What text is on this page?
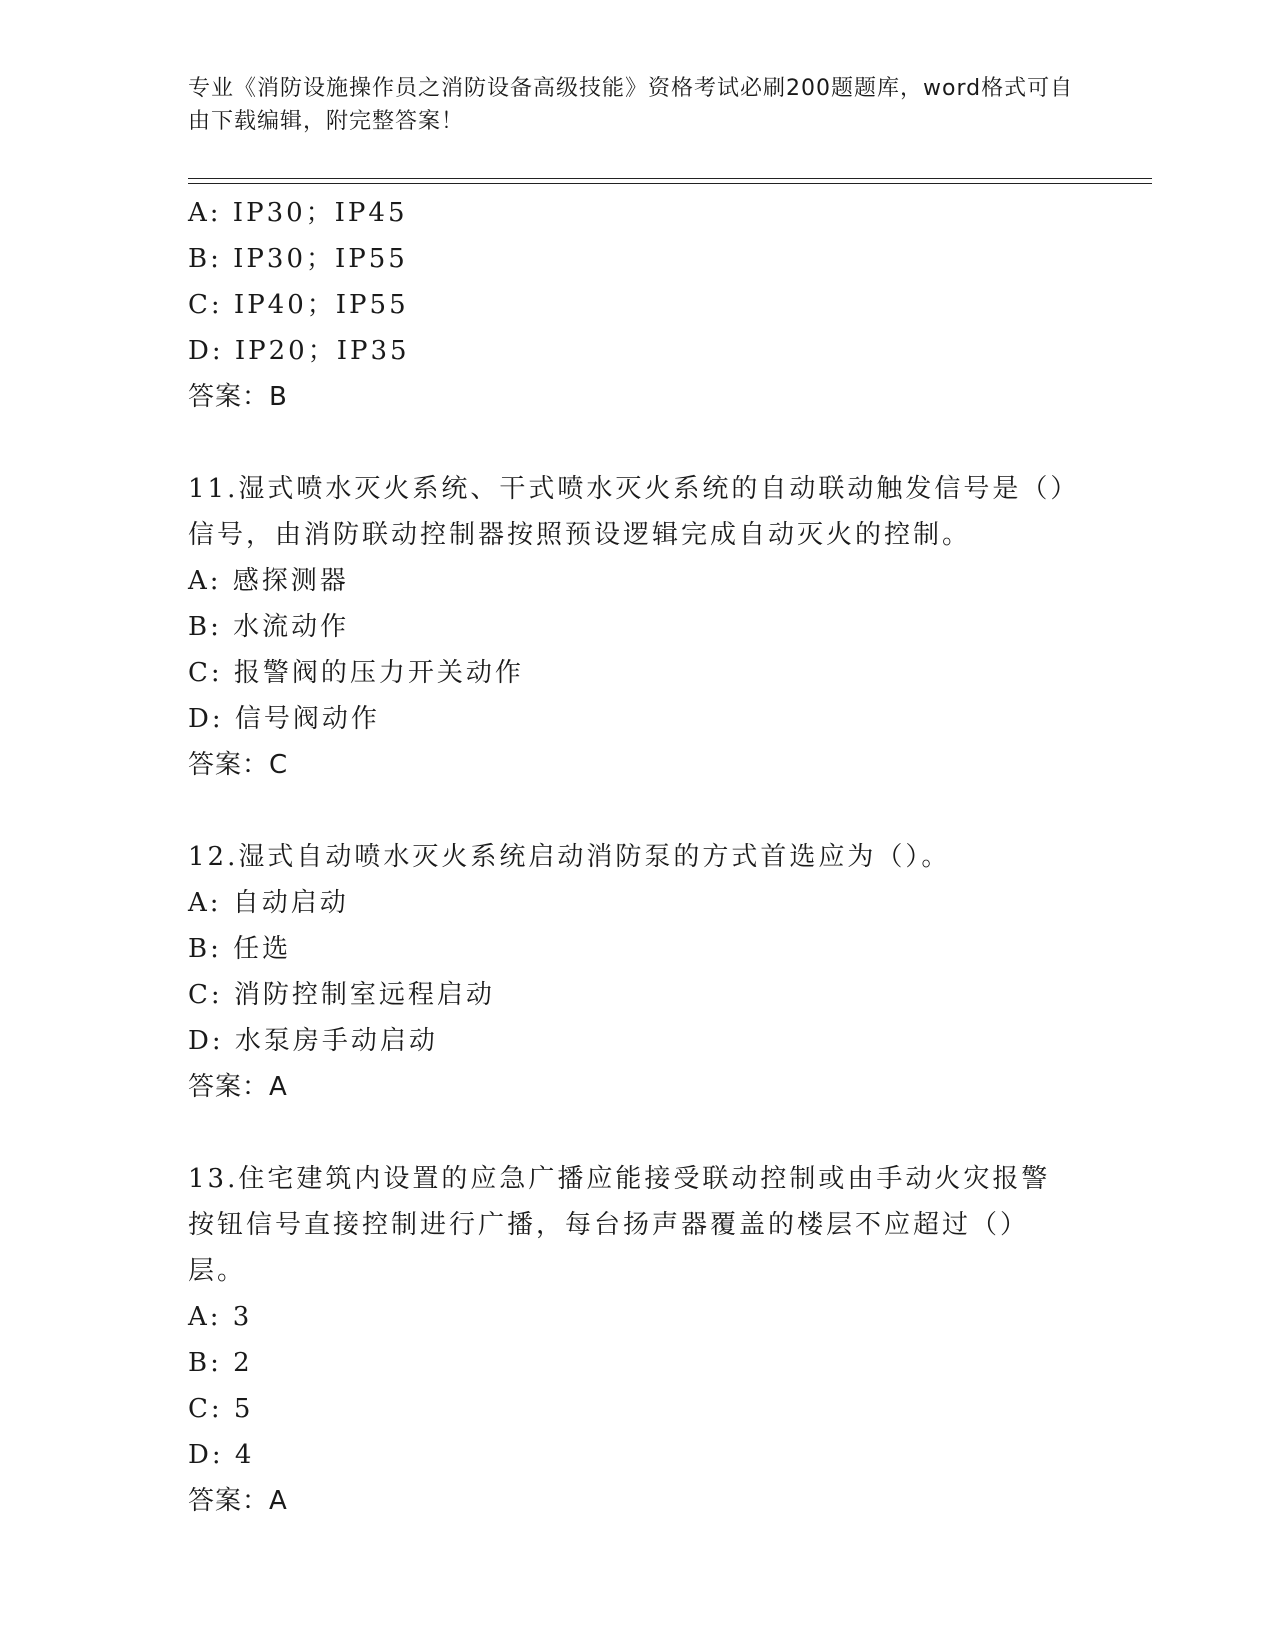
专业《消防设施操作员之消防设备高级技能》资格考试必刷200题题库，word格式可自由下载编辑，附完整答案！
A: IP30；IP45
B: IP30；IP55
C: IP40；IP55
D: IP20；IP35
答案：B
11.湿式喷水灭火系统、干式喷水灭火系统的自动联动触发信号是（）信号，由消防联动控制器按照预设逻辑完成自动灭火的控制。
A: 感探测器
B: 水流动作
C: 报警阀的压力开关动作
D: 信号阀动作
答案：C
12.湿式自动喷水灭火系统启动消防泵的方式首选应为（）。
A: 自动启动
B: 任选
C: 消防控制室远程启动
D: 水泵房手动启动
答案：A
13.住宅建筑内设置的应急广播应能接受联动控制或由手动火灾报警按钮信号直接控制进行广播，每台扬声器覆盖的楼层不应超过（）层。
A: 3
B: 2
C: 5
D: 4
答案：A
